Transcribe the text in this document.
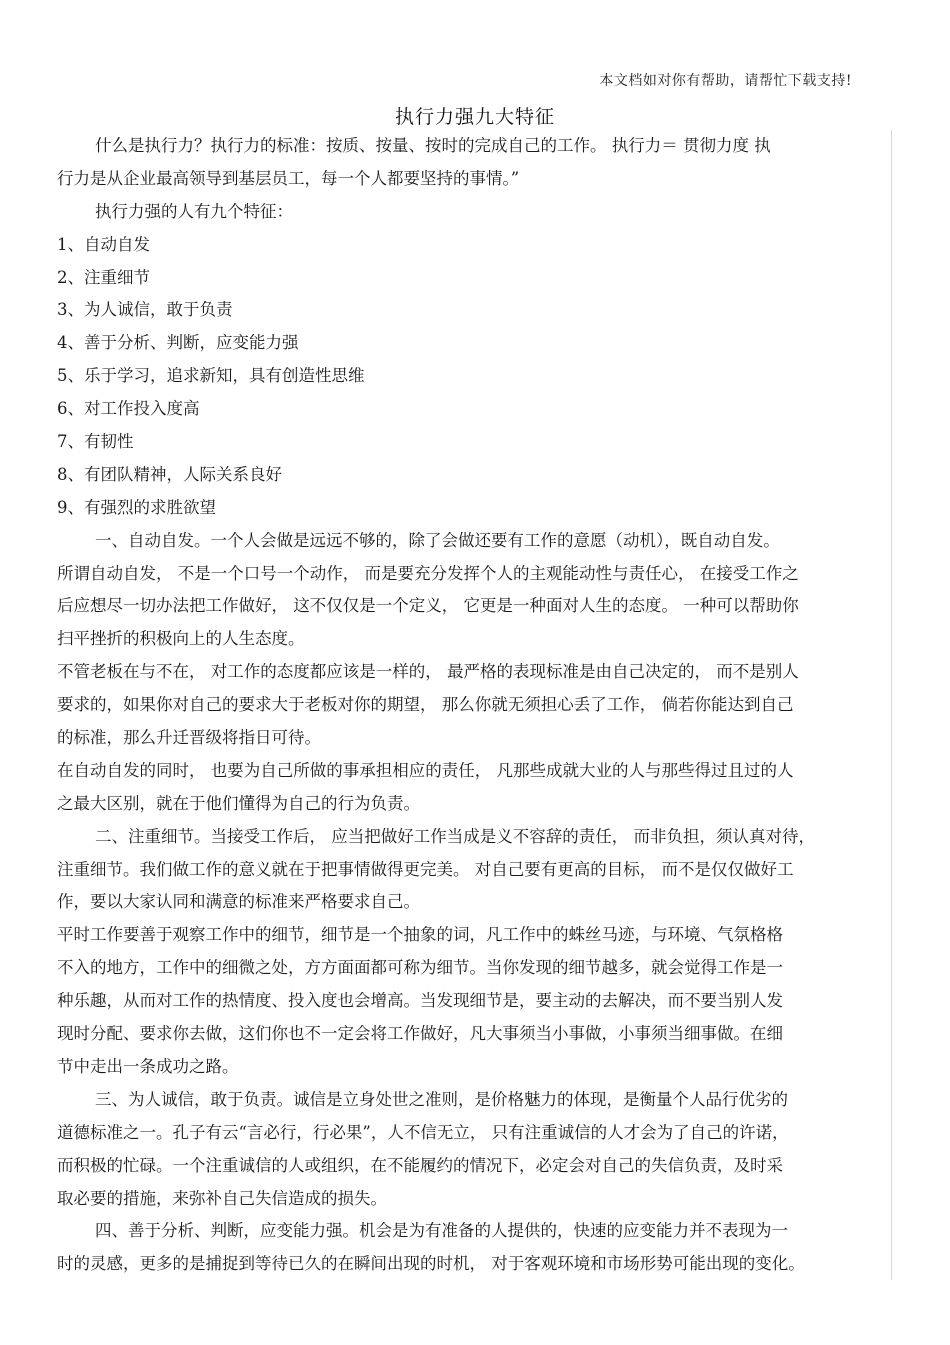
本文档如对你有帮助，请帮忙下载支持!
执行力强九大特征
什么是执行力？执行力的标准：按质、按量、按时的完成自己的工作。 执行力＝ 贯彻力度 执
行力是从企业最高领导到基层员工，每一个人都要坚持的事情。”
执行力强的人有九个特征：
1、自动自发
2、注重细节
3、为人诚信，敢于负责
4、善于分析、判断，应变能力强
5、乐于学习，追求新知，具有创造性思维
6、对工作投入度高
7、有韧性
8、有团队精神，人际关系良好
9、有强烈的求胜欲望
一、自动自发。一个人会做是远远不够的，除了会做还要有工作的意愿（动机），既自动自发。
所谓自动自发， 不是一个口号一个动作， 而是要充分发挥个人的主观能动性与责任心， 在接受工作之
后应想尽一切办法把工作做好， 这不仅仅是一个定义， 它更是一种面对人生的态度。 一种可以帮助你
扫平挫折的积极向上的人生态度。
不管老板在与不在， 对工作的态度都应该是一样的， 最严格的表现标准是由自己决定的， 而不是别人
要求的，如果你对自己的要求大于老板对你的期望， 那么你就无须担心丢了工作， 倘若你能达到自己
的标准，那么升迁晋级将指日可待。
在自动自发的同时， 也要为自己所做的事承担相应的责任， 凡那些成就大业的人与那些得过且过的人
之最大区别，就在于他们懂得为自己的行为负责。
二、注重细节。当接受工作后， 应当把做好工作当成是义不容辞的责任， 而非负担，须认真对待，
注重细节。我们做工作的意义就在于把事情做得更完美。 对自己要有更高的目标， 而不是仅仅做好工
作，要以大家认同和满意的标准来严格要求自己。
平时工作要善于观察工作中的细节，细节是一个抽象的词，凡工作中的蛛丝马迹，与环境、气氛格格
不入的地方，工作中的细微之处，方方面面都可称为细节。当你发现的细节越多，就会觉得工作是一
种乐趣，从而对工作的热情度、投入度也会增高。当发现细节是，要主动的去解决，而不要当别人发
现时分配、要求你去做，这们你也不一定会将工作做好，凡大事须当小事做，小事须当细事做。在细
节中走出一条成功之路。
三、为人诚信，敢于负责。诚信是立身处世之准则，是价格魅力的体现，是衡量个人品行优劣的
道德标准之一。孔子有云“言必行，行必果”，人不信无立， 只有注重诚信的人才会为了自己的许诺，
而积极的忙碌。一个注重诚信的人或组织，在不能履约的情况下，必定会对自己的失信负责，及时采
取必要的措施，来弥补自己失信造成的损失。
四、善于分析、判断，应变能力强。机会是为有准备的人提供的，快速的应变能力并不表现为一
时的灵感，更多的是捕捉到等待已久的在瞬间出现的时机， 对于客观环境和市场形势可能出现的变化。
